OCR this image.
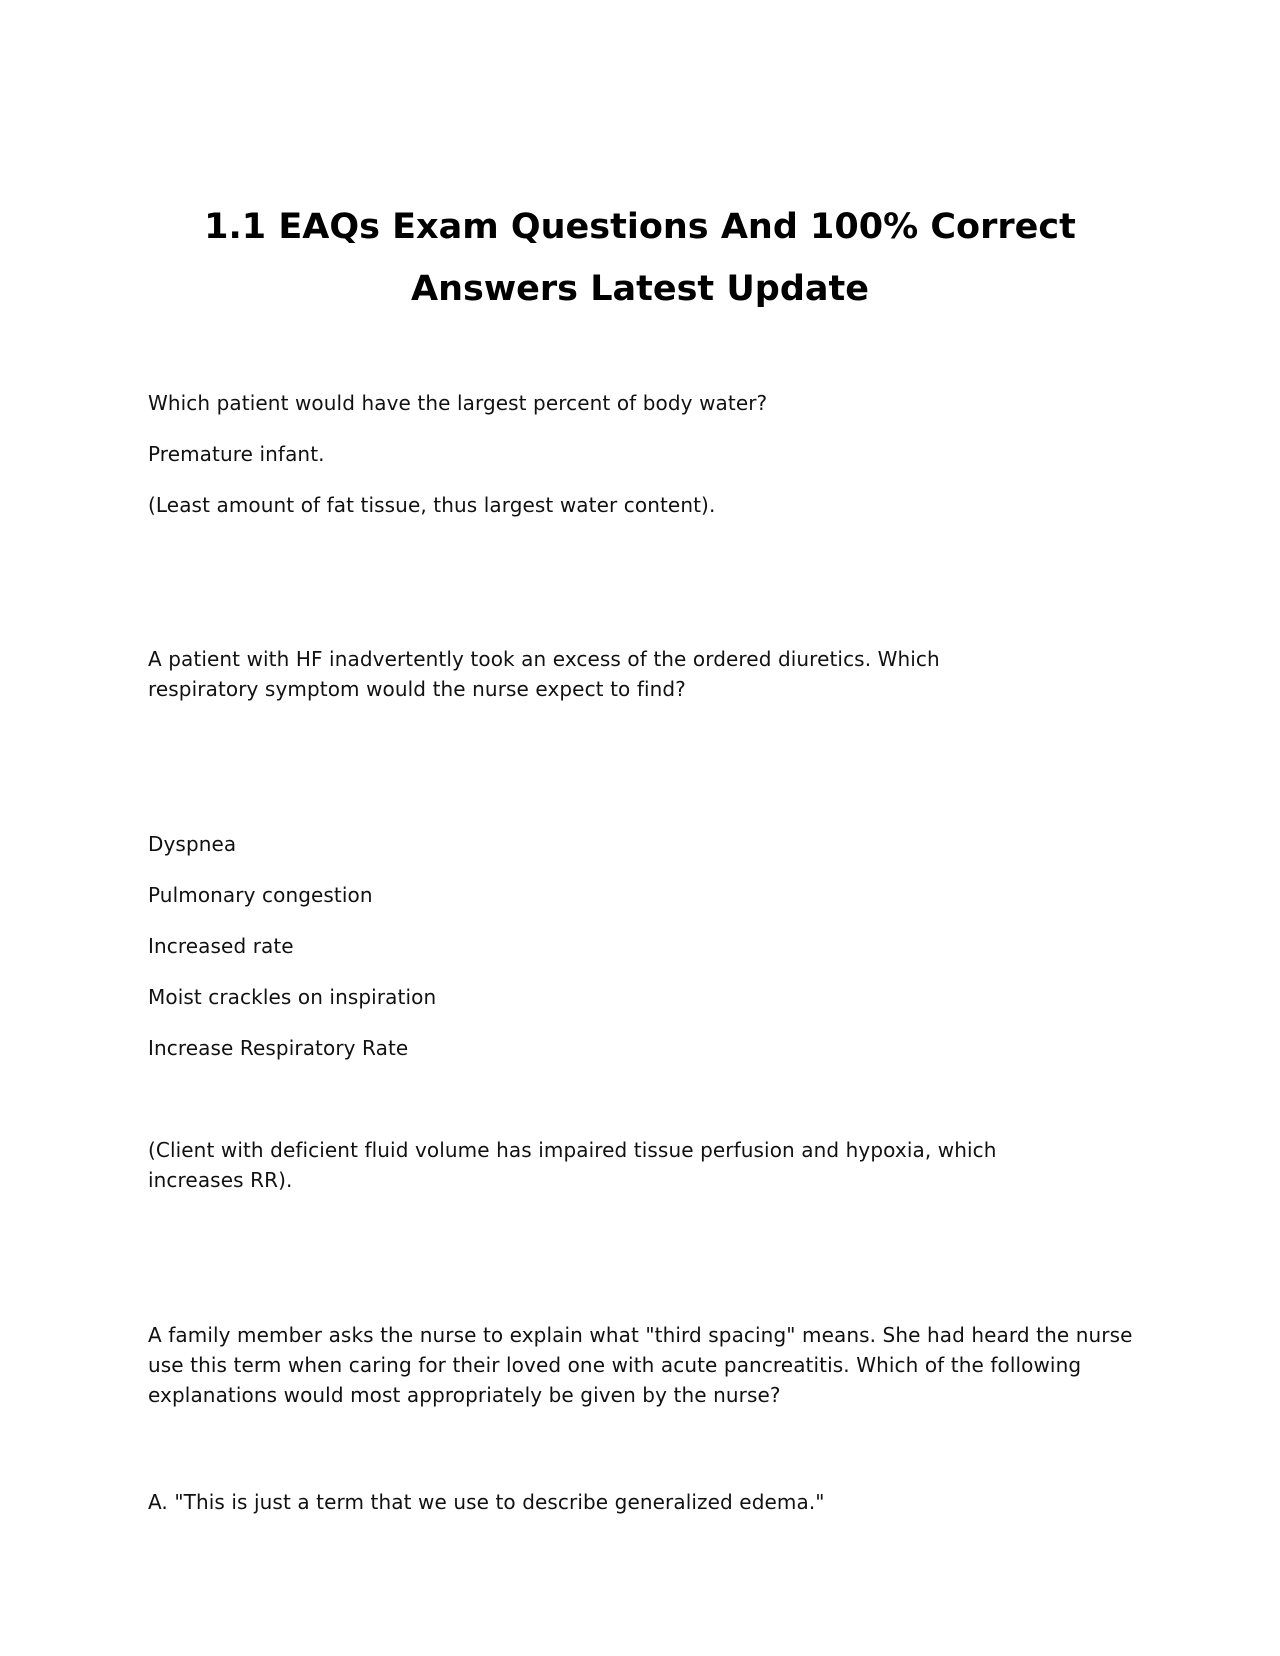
1.1 EAQs Exam Questions And 100% Correct Answers Latest Update

Which patient would have the largest percent of body water?

Premature infant.

(Least amount of fat tissue, thus largest water content).

A patient with HF inadvertently took an excess of the ordered diuretics. Which respiratory symptom would the nurse expect to find?

Dyspnea

Pulmonary congestion

Increased rate

Moist crackles on inspiration

Increase Respiratory Rate

(Client with deficient fluid volume has impaired tissue perfusion and hypoxia, which increases RR).

A family member asks the nurse to explain what "third spacing" means. She had heard the nurse use this term when caring for their loved one with acute pancreatitis. Which of the following explanations would most appropriately be given by the nurse?

A. "This is just a term that we use to describe generalized edema."
